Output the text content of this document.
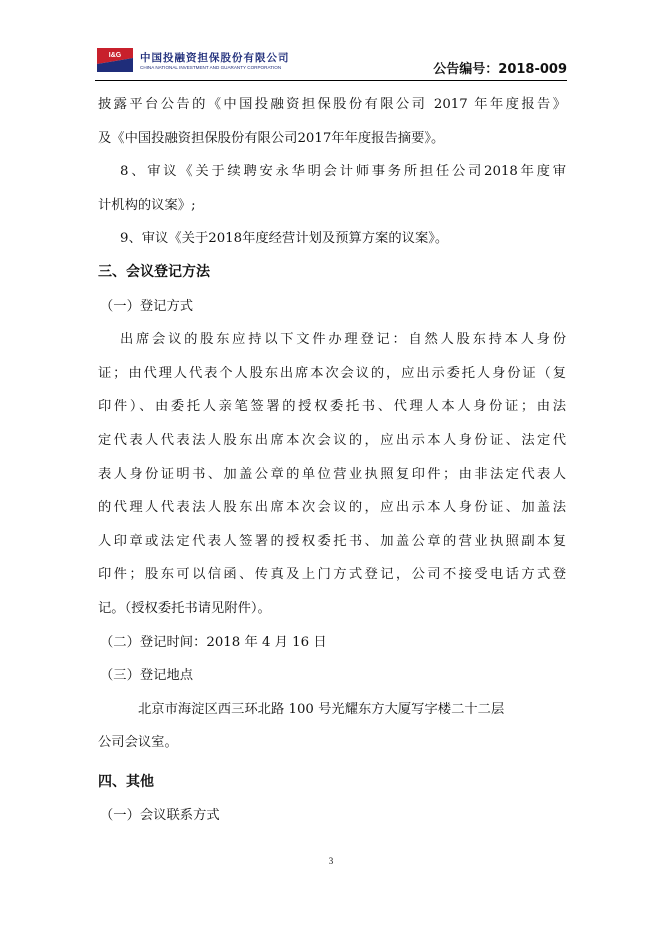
I&G 中国投融资担保股份有限公司
CHINA NATIONAL INVESTMENT AND GUARANTY CORPORATION	公告编号：2018-009
披露平台公告的《中国投融资担保股份有限公司 2017 年年度报告》
及《中国投融资担保股份有限公司2017年年度报告摘要》。
8、审议《关于续聘安永华明会计师事务所担任公司2018年度审
计机构的议案》;
9、审议《关于2018年度经营计划及预算方案的议案》。
三、会议登记方法
（一）登记方式
出席会议的股东应持以下文件办理登记：自然人股东持本人身份
证；由代理人代表个人股东出席本次会议的，应出示委托人身份证（复
印件）、由委托人亲笔签署的授权委托书、代理人本人身份证；由法
定代表人代表法人股东出席本次会议的，应出示本人身份证、法定代
表人身份证明书、加盖公章的单位营业执照复印件；由非法定代表人
的代理人代表法人股东出席本次会议的，应出示本人身份证、加盖法
人印章或法定代表人签署的授权委托书、加盖公章的营业执照副本复
印件；股东可以信函、传真及上门方式登记，公司不接受电话方式登
记。（授权委托书请见附件）。
（二）登记时间：2018 年 4 月 16 日
（三）登记地点
北京市海淀区西三环北路 100 号光耀东方大厦写字楼二十二层
公司会议室。
四、其他
（一）会议联系方式
3
